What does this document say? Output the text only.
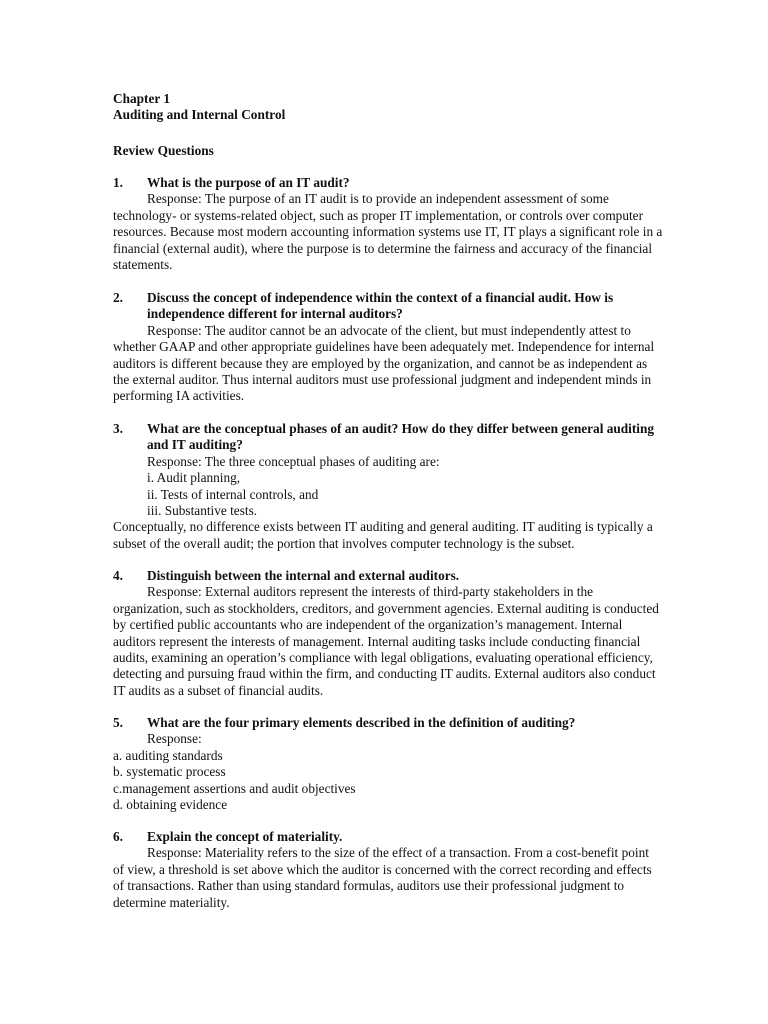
Chapter 1

Auditing and Internal Control

Review Questions

1. What is the purpose of an IT audit?

Response: The purpose of an IT audit is to provide an independent assessment of some technology- or systems-related object, such as proper IT implementation, or controls over computer resources. Because most modern accounting information systems use IT, IT plays a significant role in a financial (external audit), where the purpose is to determine the fairness and accuracy of the financial statements.

2. Discuss the concept of independence within the context of a financial audit. How is independence different for internal auditors?

Response: The auditor cannot be an advocate of the client, but must independently attest to whether GAAP and other appropriate guidelines have been adequately met. Independence for internal auditors is different because they are employed by the organization, and cannot be as independent as the external auditor. Thus internal auditors must use professional judgment and independent minds in performing IA activities.

3. What are the conceptual phases of an audit? How do they differ between general auditing and IT auditing?

Response: The three conceptual phases of auditing are:

i. Audit planning,

ii. Tests of internal controls, and

iii. Substantive tests.

Conceptually, no difference exists between IT auditing and general auditing. IT auditing is typically a subset of the overall audit; the portion that involves computer technology is the subset.

4. Distinguish between the internal and external auditors.

Response: External auditors represent the interests of third-party stakeholders in the organization, such as stockholders, creditors, and government agencies. External auditing is conducted by certified public accountants who are independent of the organization’s management. Internal auditors represent the interests of management. Internal auditing tasks include conducting financial audits, examining an operation’s compliance with legal obligations, evaluating operational efficiency, detecting and pursuing fraud within the firm, and conducting IT audits. External auditors also conduct IT audits as a subset of financial audits.

5. What are the four primary elements described in the definition of auditing?

Response:

a. auditing standards

b. systematic process

c.management assertions and audit objectives

d. obtaining evidence

6. Explain the concept of materiality.

Response: Materiality refers to the size of the effect of a transaction. From a cost-benefit point of view, a threshold is set above which the auditor is concerned with the correct recording and effects of transactions. Rather than using standard formulas, auditors use their professional judgment to determine materiality.
